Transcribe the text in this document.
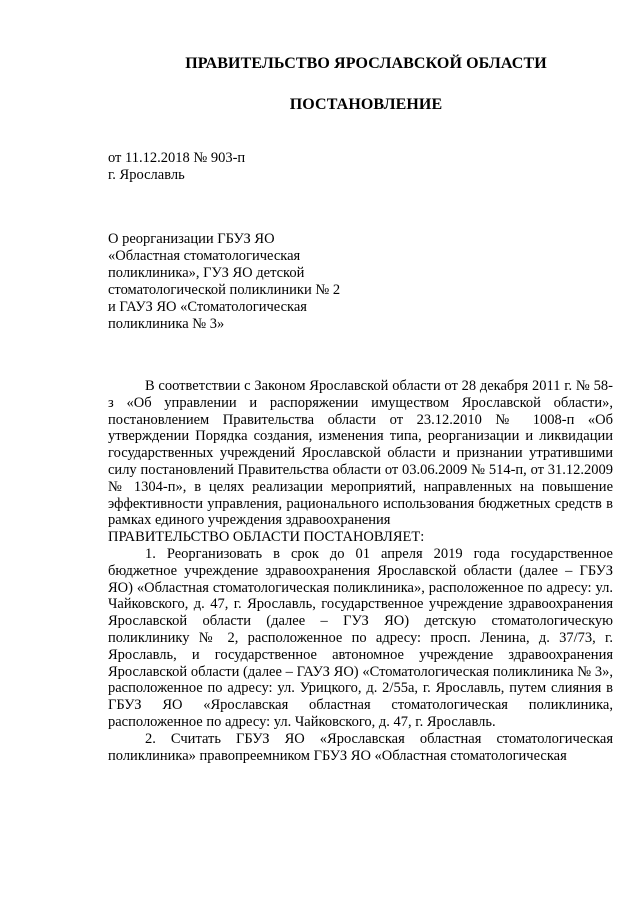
ПРАВИТЕЛЬСТВО ЯРОСЛАВСКОЙ ОБЛАСТИ
ПОСТАНОВЛЕНИЕ
от 11.12.2018 № 903-п
г. Ярославль
О реорганизации ГБУЗ ЯО
«Областная стоматологическая
поликлиника», ГУЗ ЯО детской
стоматологической поликлиники № 2
и ГАУЗ ЯО «Стоматологическая
поликлиника № 3»

В соответствии с Законом Ярославской области от 28 декабря 2011 г. № 58-з «Об управлении и распоряжении имуществом Ярославской области», постановлением Правительства области от 23.12.2010 № 1008-п «Об утверждении Порядка создания, изменения типа, реорганизации и ликвидации государственных учреждений Ярославской области и признании утратившими силу постановлений Правительства области от 03.06.2009 № 514-п, от 31.12.2009 № 1304-п», в целях реализации мероприятий, направленных на повышение эффективности управления, рационального использования бюджетных средств в рамках единого учреждения здравоохранения

ПРАВИТЕЛЬСТВО ОБЛАСТИ ПОСТАНОВЛЯЕТ:

1. Реорганизовать в срок до 01 апреля 2019 года государственное бюджетное учреждение здравоохранения Ярославской области (далее – ГБУЗ ЯО) «Областная стоматологическая поликлиника», расположенное по адресу: ул. Чайковского, д. 47, г. Ярославль, государственное учреждение здравоохранения Ярославской области (далее – ГУЗ ЯО) детскую стоматологическую поликлинику № 2, расположенное по адресу: просп. Ленина, д. 37/73, г. Ярославль, и государственное автономное учреждение здравоохранения Ярославской области (далее – ГАУЗ ЯО) «Стоматологическая поликлиника № 3», расположенное по адресу: ул. Урицкого, д. 2/55а, г. Ярославль, путем слияния в ГБУЗ ЯО «Ярославская областная стоматологическая поликлиника, расположенное по адресу: ул. Чайковского, д. 47, г. Ярославль.

2. Считать ГБУЗ ЯО «Ярославская областная стоматологическая поликлиника» правопреемником ГБУЗ ЯО «Областная стоматологическая
